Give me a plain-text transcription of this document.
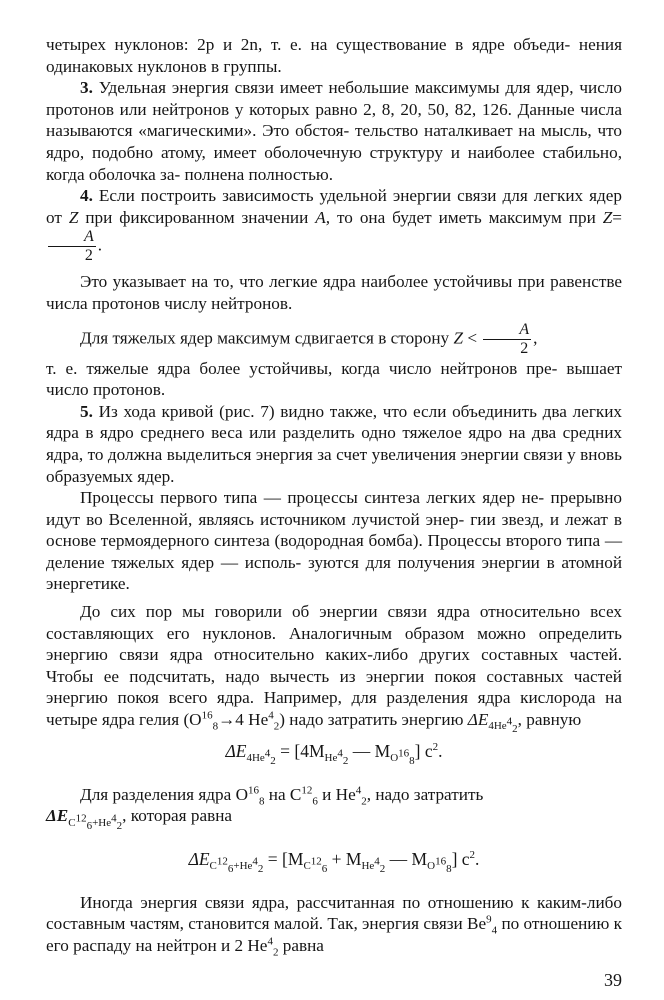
четырех нуклонов: 2р и 2n, т. е. на существование в ядре объеди- нения одинаковых нуклонов в группы.

3. Удельная энергия связи имеет небольшие максимумы для ядер, число протонов или нейтронов у которых равно 2, 8, 20, 50, 82, 126. Данные числа называются «магическими». Это обстоя- тельство наталкивает на мысль, что ядро, подобно атому, имеет оболочечную структуру и наиболее стабильно, когда оболочка за- полнена полностью.

4. Если построить зависимость удельной энергии связи для легких ядер от Z при фиксированном значении A, то она будет иметь максимум при Z=
$\frac{A}{2}$ .

Это указывает на то, что легкие ядра наиболее устойчивы при равенстве числа протонов числу нейтронов.

Для тяжелых ядер максимум сдвигается в сторону $Z < \frac{A}{2}$ ,

т. е. тяжелые ядра более устойчивы, когда число нейтронов пре- вышает число протонов.

5. Из хода кривой (рис. 7) видно также, что если объединить два легких ядра в ядро среднего веса или разделить одно тяжелое ядро на два средних ядра, то должна выделиться энергия за счет увеличения энергии связи у вновь образуемых ядер.

Процессы первого типа — процессы синтеза легких ядер не- прерывно идут во Вселенной, являясь источником лучистой энер- гии звезд, и лежат в основе термоядерного синтеза (водородная бомба). Процессы второго типа — деление тяжелых ядер — исполь- зуются для получения энергии в атомной энергетике.

До сих пор мы говорили об энергии связи ядра относительно всех составляющих его нуклонов. Аналогичным образом можно определить энергию связи ядра относительно каких-либо других составных частей. Чтобы ее подсчитать, надо вычесть из энергии покоя составных частей энергию покоя всего ядра. Например, для разделения ядра кислорода на четыре ядра гелия ($O^{16}_8\to 4$ $He^4_2$) надо затратить энергию $\Delta E_{4He^4_2}$, равную

$\Delta E_{4He^4_2} = [4M_{He^4_2}$ — $M_{O^{16}_8}$] $c^2$.

Для разделения ядра $O^{16}_8$ на $C^{12}_6$ и $He^4_2$, надо затратить

$\Delta E_{C^{12}_6+He^4_2}$, которая равна

$\Delta E_{C^{12}_6+He^4_2} = [M_{C^{12}_6} + M_{He^4_2}$ — $M_{O^{16}_8}$] $c^2$.

Иногда энергия связи ядра, рассчитанная по отношению к каким-либо составным частям, становится малой. Так, энергия связи $Be^9_4$ по отношению к его распаду на нейтрон и 2 $He^4_2$ равна

39
